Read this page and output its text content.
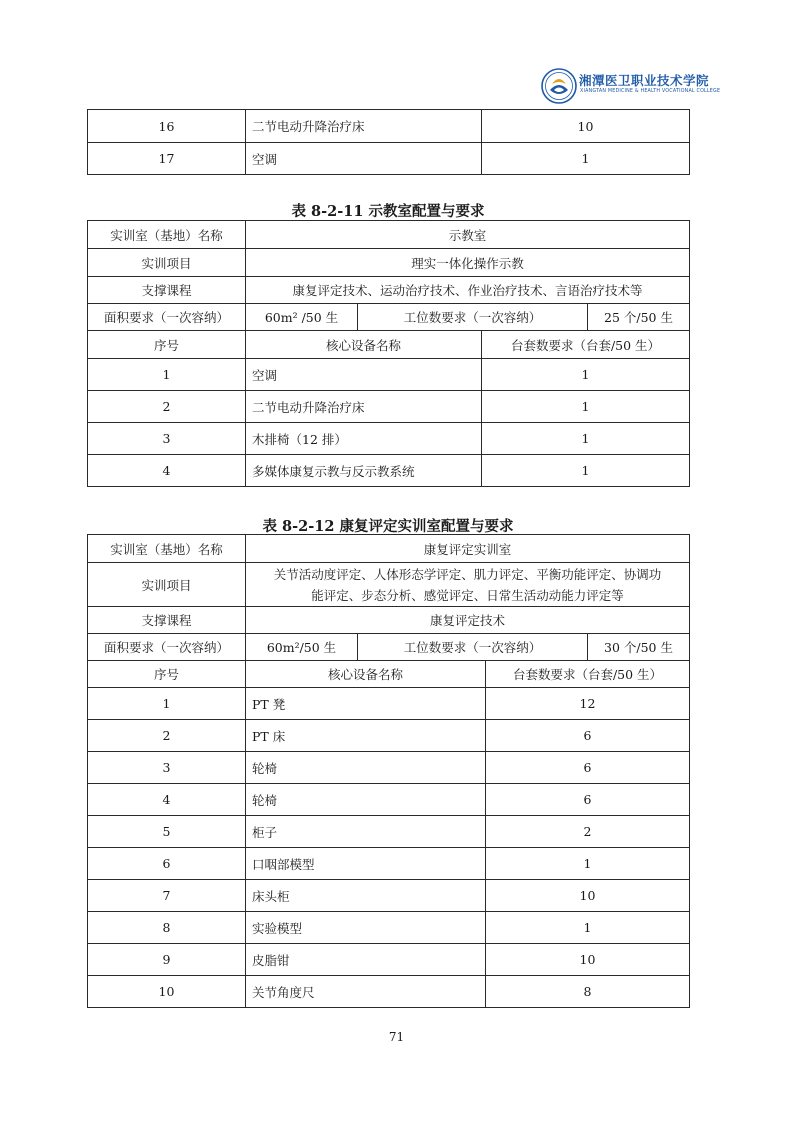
湘潭医卫职业技术学院
XIANGTAN MEDICINE & HEALTH VOCATIONAL COLLEGE
16	二节电动升降治疗床	10
17	空调	1
表 8-2-11 示教室配置与要求
实训室（基地）名称	示教室			
实训项目	理实一体化操作示教			
支撑课程	康复评定技术、运动治疗技术、作业治疗技术、言语治疗技术等			
面积要求（一次容纳）	60m² /50 生	工位数要求（一次容纳）		25 个/50 生
序号	核心设备名称		台套数要求（台套/50 生）	
1	空调		1	
2	二节电动升降治疗床		1	
3	木排椅（12 排）		1	
4	多媒体康复示教与反示教系统		1	
表 8-2-12 康复评定实训室配置与要求
实训室（基地）名称	康复评定实训室			
实训项目	关节活动度评定、人体形态学评定、肌力评定、平衡功能评定、协调功
能评定、步态分析、感觉评定、日常生活动动能力评定等			

支撑课程	康复评定技术			
面积要求（一次容纳）	60m²/50 生	工位数要求（一次容纳）		30 个/50 生
序号	核心设备名称		台套数要求（台套/50 生）	
1	PT 凳		12	
2	PT 床		6	
3	轮椅		6	
4	轮椅		6	
5	柜子		2	
6	口咽部模型		1	
7	床头柜		10	
8	实验模型		1	
9	皮脂钳		10	
10	关节角度尺		8	
71
